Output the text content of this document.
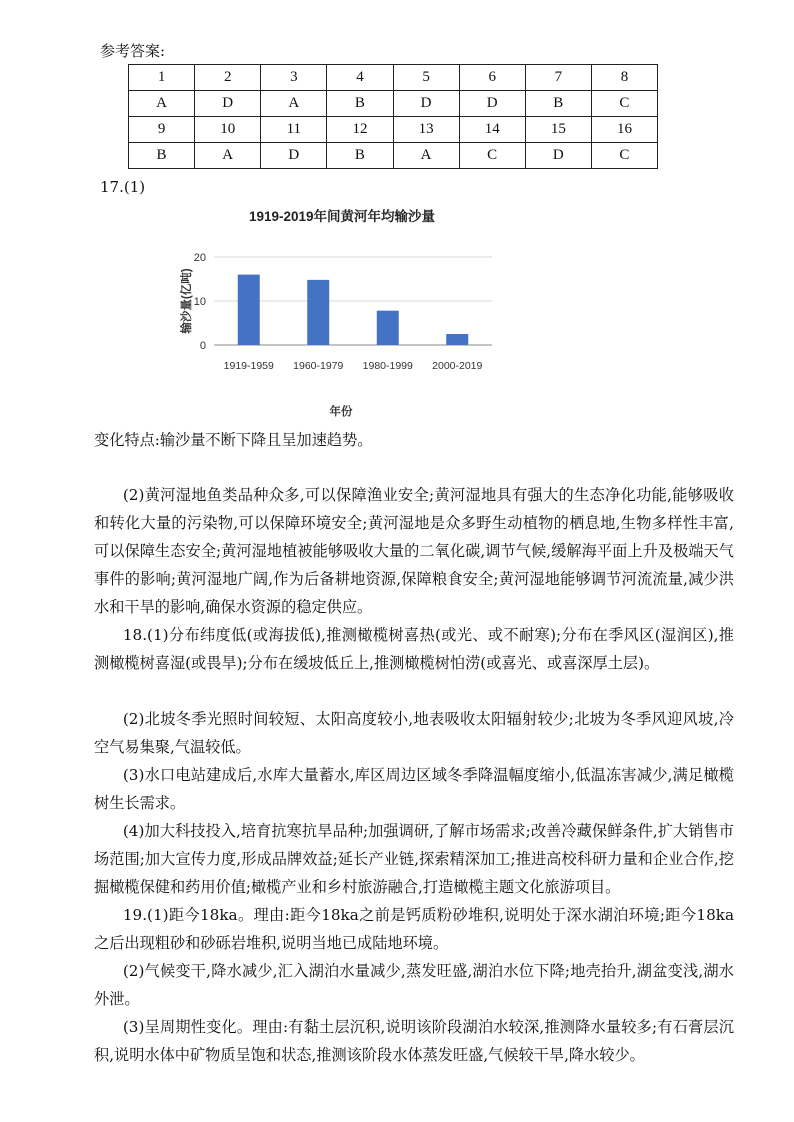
参考答案:
1	2	3	4	5	6	7	8
A	D	A	B	D	D	B	C
9	10	11	12	13	14	15	16
B	A	D	B	A	C	D	C
17.(1)
1919-2019年间黄河年均输沙量
输沙量(亿吨)
年份
0
10
20
1919-1959 1960-1979 1980-1999 2000-2019

变化特点:输沙量不断下降且呈加速趋势。

(2)黄河湿地鱼类品种众多,可以保障渔业安全;黄河湿地具有强大的生态净化功能,能够吸收和转化大量的污染物,可以保障环境安全;黄河湿地是众多野生动植物的栖息地,生物多样性丰富,可以保障生态安全;黄河湿地植被能够吸收大量的二氧化碳,调节气候,缓解海平面上升及极端天气事件的影响;黄河湿地广阔,作为后备耕地资源,保障粮食安全;黄河湿地能够调节河流流量,减少洪水和干旱的影响,确保水资源的稳定供应。

18.(1)分布纬度低(或海拔低),推测橄榄树喜热(或光、或不耐寒);分布在季风区(湿润区),推测橄榄树喜湿(或畏旱);分布在缓坡低丘上,推测橄榄树怕涝(或喜光、或喜深厚土层)。

(2)北坡冬季光照时间较短、太阳高度较小,地表吸收太阳辐射较少;北坡为冬季风迎风坡,冷空气易集聚,气温较低。

(3)水口电站建成后,水库大量蓄水,库区周边区域冬季降温幅度缩小,低温冻害减少,满足橄榄树生长需求。

(4)加大科技投入,培育抗寒抗旱品种;加强调研,了解市场需求;改善冷藏保鲜条件,扩大销售市场范围;加大宣传力度,形成品牌效益;延长产业链,探索精深加工;推进高校科研力量和企业合作,挖掘橄榄保健和药用价值;橄榄产业和乡村旅游融合,打造橄榄主题文化旅游项目。

19.(1)距今18ka。理由:距今18ka之前是钙质粉砂堆积,说明处于深水湖泊环境;距今18ka之后出现粗砂和砂砾岩堆积,说明当地已成陆地环境。

(2)气候变干,降水减少,汇入湖泊水量减少,蒸发旺盛,湖泊水位下降;地壳抬升,湖盆变浅,湖水外泄。

(3)呈周期性变化。理由:有黏土层沉积,说明该阶段湖泊水较深,推测降水量较多;有石膏层沉积,说明水体中矿物质呈饱和状态,推测该阶段水体蒸发旺盛,气候较干旱,降水较少。
